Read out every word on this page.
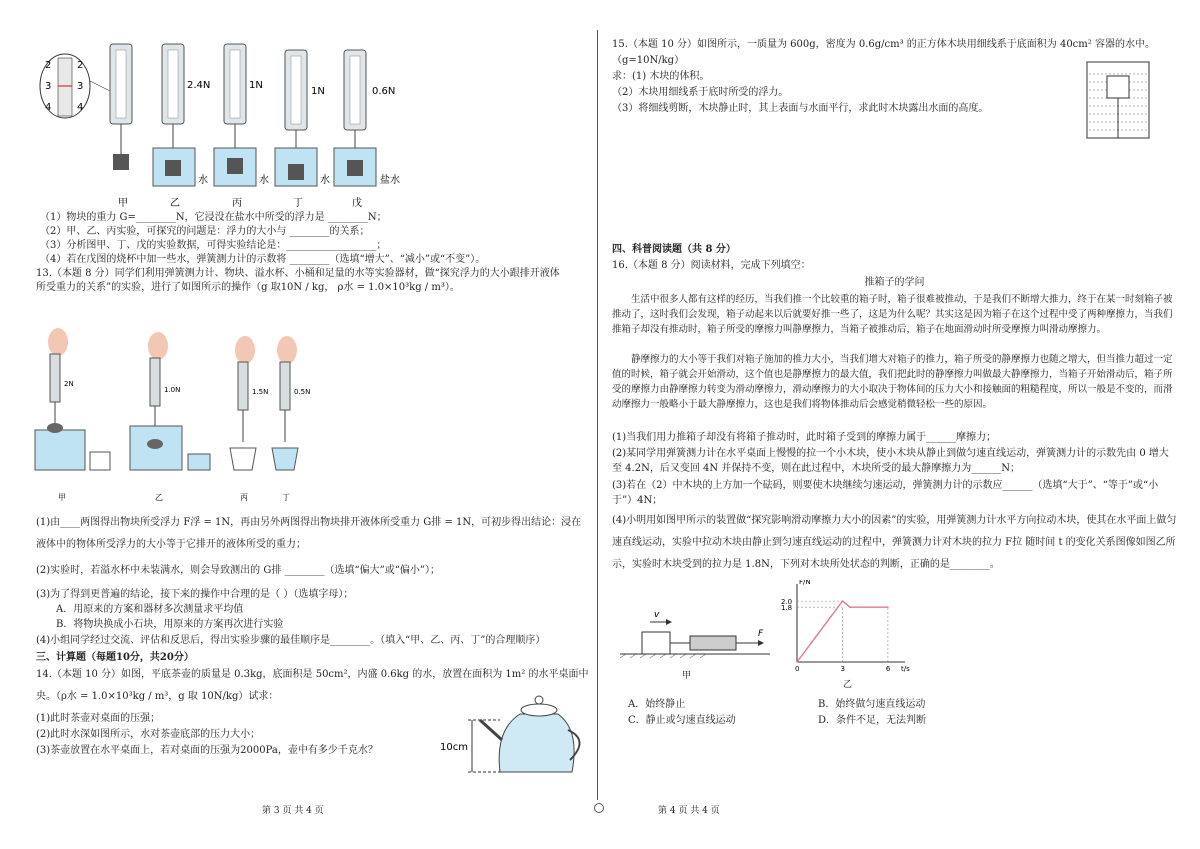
2
3
4
2
3
4
2.4N
水
1N
水
1N
水
0.6N
盐水
甲	乙	丙	丁	戊
（1）物块的重力 G=________N，它浸没在盐水中所受的浮力是 ________N；
（2）甲、乙、丙实验，可探究的问题是：浮力的大小与 ________的关系；
（3）分析图甲、丁、戊的实验数据，可得实验结论是：__________________；
（4）若在戊图的烧杯中加一些水，弹簧测力计的示数将 ________（选填“增大”、“减小”或“不变”）。
13.（本题 8 分）同学们利用弹簧测力计、物块、溢水杯、小桶和足量的水等实验器材，做“探究浮力的大小跟排开液体
所受重力的关系”的实验，进行了如图所示的操作（g 取10N / kg， ρ水 = 1.0×10³kg / m³）。
2N
1.0N	1.5N	0.5N
甲	乙	丙	丁
(1)由____两图得出物块所受浮力 F浮 = 1N，再由另外两图得出物块排开液体所受重力 G排 = 1N，可初步得出结论：浸在
液体中的物体所受浮力的大小等于它排开的液体所受的重力；
(2)实验时，若溢水杯中未装满水，则会导致测出的 G排 ________（选填“偏大”或“偏小”）；
(3)为了得到更普遍的结论，接下来的操作中合理的是（ ）（选填字母）；
A．用原来的方案和器材多次测量求平均值
B．将物块换成小石块，用原来的方案再次进行实验
(4)小组同学经过交流、评估和反思后，得出实验步骤的最佳顺序是________。（填入“甲、乙、丙、丁”的合理顺序）
三、计算题（每题10分，共20分）
14.（本题 10 分）如图，平底茶壶的质量是 0.3kg，底面积是 50cm²，内盛 0.6kg 的水，放置在面积为 1m² 的水平桌面中
央。（ρ水 = 1.0×10³kg / m³，g 取 10N/kg）试求：
(1)此时茶壶对桌面的压强；
(2)此时水深如图所示，水对茶壶底部的压力大小；
(3)茶壶放置在水平桌面上，若对桌面的压强为2000Pa，壶中有多少千克水？	10cm
第 3 页 共 4 页
15.（本题 10 分）如图所示，一质量为 600g，密度为 0.6g/cm³ 的正方体木块用细线系于底面积为 40cm² 容器的水中。
（g=10N/kg）
求：(1) 木块的体积。
（2）木块用细线系于底时所受的浮力。
（3）将细线剪断，木块静止时，其上表面与水面平行，求此时木块露出水面的高度。
四、科普阅读题（共 8 分）
16.（本题 8 分）阅读材料，完成下列填空：
推箱子的学问
生活中很多人都有这样的经历，当我们推一个比较重的箱子时，箱子很难被推动，于是我们不断增大推力，终于在某一时刻箱子被推动了，这时我们会发现，箱子动起来以后就要好推一些了，这是为什么呢？其实这是因为箱子在这个过程中受了两种摩擦力，当我们推箱子却没有推动时，箱子所受的摩擦力叫静摩擦力，当箱子被推动后，箱子在地面滑动时所受摩擦力叫滑动摩擦力。
静摩擦力的大小等于我们对箱子施加的推力大小，当我们增大对箱子的推力，箱子所受的静摩擦力也随之增大，但当推力超过一定值的时候，箱子就会开始滑动，这个值也是静摩擦力的最大值，我们把此时的静摩擦力叫做最大静摩擦力，当箱子开始滑动后，箱子所受的摩擦力由静摩擦力转变为滑动摩擦力，滑动摩擦力的大小取决于物体间的压力大小和接触面的粗糙程度，所以一般是不变的，而滑动摩擦力一般略小于最大静摩擦力，这也是我们将物体推动后会感觉稍微轻松一些的原因。
(1)当我们用力推箱子却没有将箱子推动时，此时箱子受到的摩擦力属于______摩擦力；
(2)某同学用弹簧测力计在水平桌面上慢慢的拉一个小木块，使小木块从静止到做匀速直线运动，弹簧测力计的示数先由 0 增大至 4.2N，后又变回 4N 并保持不变，则在此过程中，木块所受的最大静摩擦力为______N；
(3)若在（2）中木块的上方加一个砝码，则要使木块继续匀速运动，弹簧测力计的示数应______（选填“大于”、“等于”或“小于”）4N；
(4)小明用如图甲所示的装置做“探究影响滑动摩擦力大小的因素”的实验，用弹簧测力计水平方向拉动木块，使其在水平面上做匀速直线运动，实验中拉动木块由静止到匀速直线运动的过程中，弹簧测力计对木块的拉力 F拉 随时间 t 的变化关系图像如图乙所示，实验时木块受到的拉力是 1.8N，下列对木块所处状态的判断，正确的是________。
F
v
甲
F/N
t/s
1.8
2.0
0	3	6
乙
A．始终静止	B．始终做匀速直线运动
C．静止或匀速直线运动	D．条件不足，无法判断
第 4 页 共 4 页
